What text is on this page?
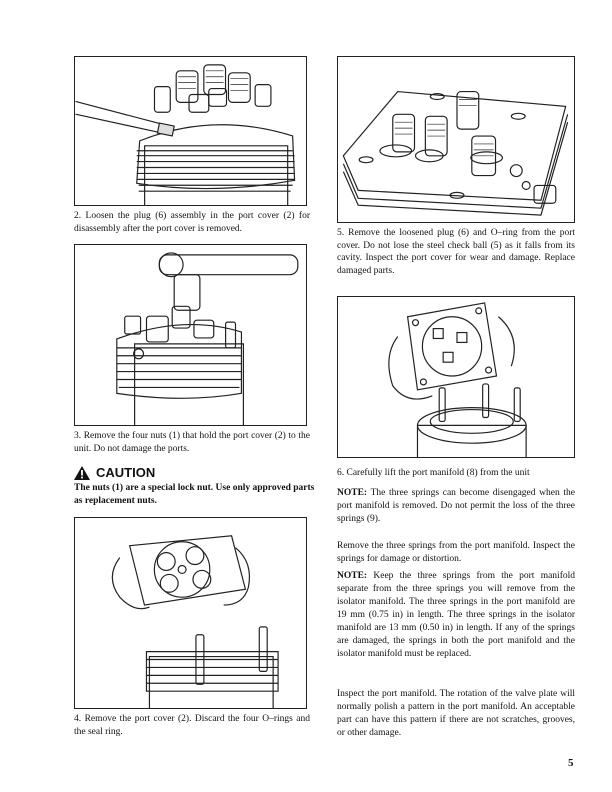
2. Loosen the plug (6) assembly in the port cover (2) for disassembly after the port cover is removed.
3. Remove the four nuts (1) that hold the port cover (2) to the unit. Do not damage the ports.
CAUTION
The nuts (1) are a special lock nut. Use only approved parts as replacement nuts.
4. Remove the port cover (2). Discard the four O–rings and the seal ring.
5. Remove the loosened plug (6) and O–ring from the port cover. Do not lose the steel check ball (5) as it falls from its cavity. Inspect the port cover for wear and damage. Replace damaged parts.
6. Carefully lift the port manifold (8) from the unit
NOTE: The three springs can become disengaged when the port manifold is removed. Do not permit the loss of the three springs (9).
Remove the three springs from the port manifold. Inspect the springs for damage or distortion.
NOTE: Keep the three springs from the port manifold separate from the three springs you will remove from the isolator manifold. The three springs in the port manifold are 19 mm (0.75 in) in length. The three springs in the isolator manifold are 13 mm (0.50 in) in length. If any of the springs are damaged, the springs in both the port manifold and the isolator manifold must be replaced.
Inspect the port manifold. The rotation of the valve plate will normally polish a pattern in the port manifold. An acceptable part can have this pattern if there are not scratches, grooves, or other damage.
5
